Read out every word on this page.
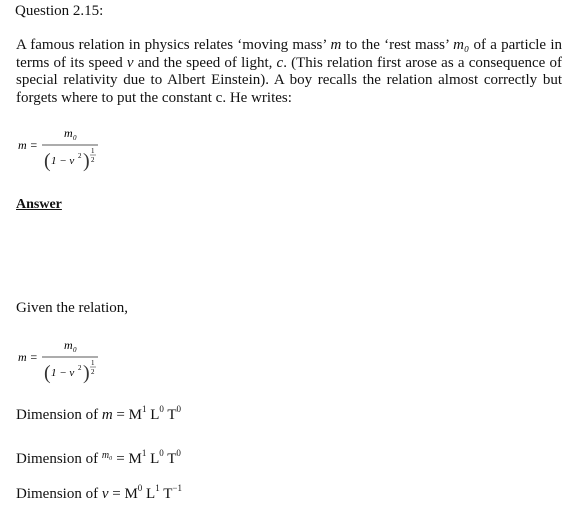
Question 2.15:
A famous relation in physics relates ‘moving mass’ m to the ‘rest mass’ m₀ of a particle in terms of its speed v and the speed of light, c. (This relation first arose as a consequence of special relativity due to Albert Einstein). A boy recalls the relation almost correctly but forgets where to put the constant c. He writes:
m =
m 0
( 1 − v 2 ) 1
2
Answer
Given the relation,
m =
m 0
( 1 − v 2 ) 1
2
Dimension of $m = M^1$ $L^0$ $T^0$
Dimension of $^{m_0} = M^1$ $L^0$ $T^0$
Dimension of $v = M^0$ $L^1$ $T^{-1}$
